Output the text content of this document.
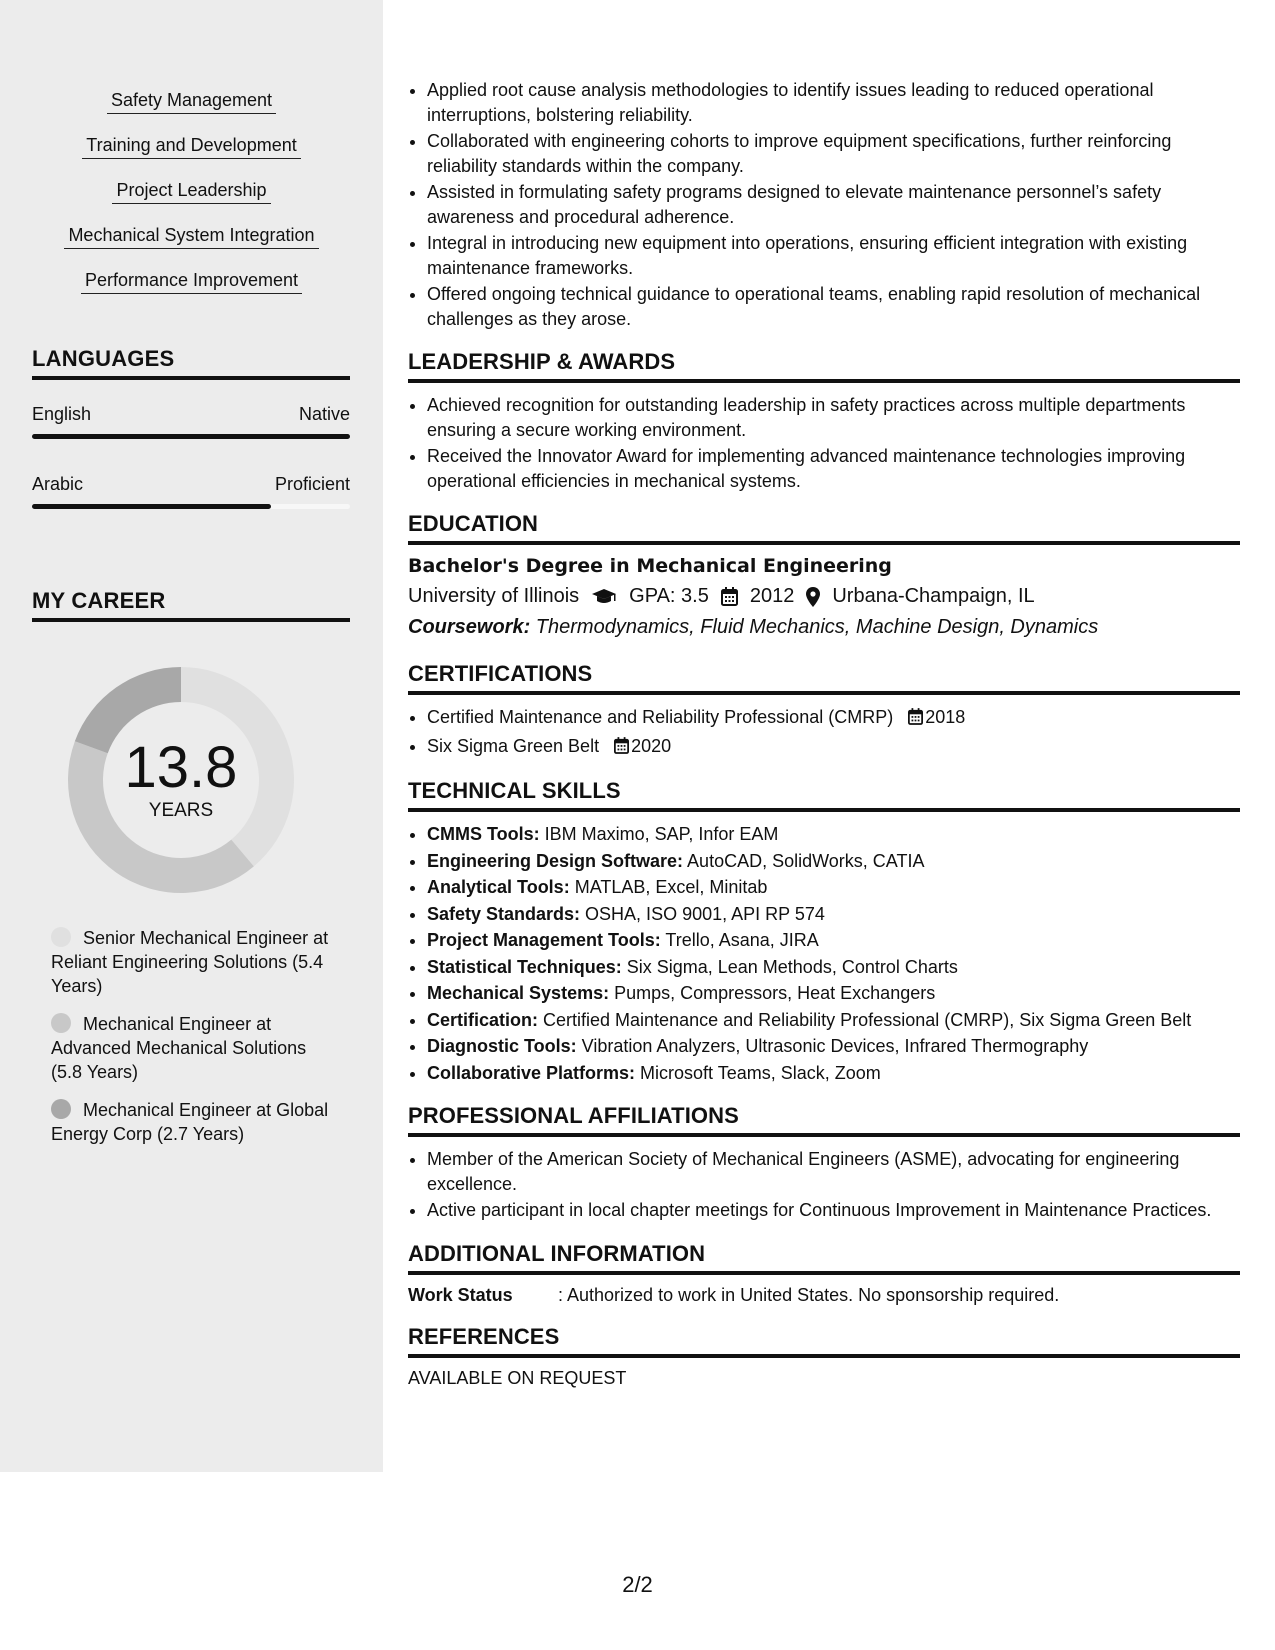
Safety Management
Training and Development
Project Leadership
Mechanical System Integration
Performance Improvement
LANGUAGES
English	Native
Arabic	Proficient
MY CAREER
13.8
YEARS
Senior Mechanical Engineer at Reliant Engineering Solutions (5.4 Years)
Mechanical Engineer at Advanced Mechanical Solutions (5.8 Years)
Mechanical Engineer at Global Energy Corp (2.7 Years)
• Applied root cause analysis methodologies to identify issues leading to reduced operational interruptions, bolstering reliability.
• Collaborated with engineering cohorts to improve equipment specifications, further reinforcing reliability standards within the company.
• Assisted in formulating safety programs designed to elevate maintenance personnel’s safety awareness and procedural adherence.
• Integral in introducing new equipment into operations, ensuring efficient integration with existing maintenance frameworks.
• Offered ongoing technical guidance to operational teams, enabling rapid resolution of mechanical challenges as they arose.
LEADERSHIP & AWARDS
• Achieved recognition for outstanding leadership in safety practices across multiple departments ensuring a secure working environment.
• Received the Innovator Award for implementing advanced maintenance technologies improving operational efficiencies in mechanical systems.
EDUCATION
Bachelor's Degree in Mechanical Engineering
University of Illinois	GPA: 3.5 2012 Urbana-Champaign, IL
Coursework: Thermodynamics, Fluid Mechanics, Machine Design, Dynamics
CERTIFICATIONS
• Certified Maintenance and Reliability Professional (CMRP) 2018
• Six Sigma Green Belt 2020
TECHNICAL SKILLS
• CMMS Tools: IBM Maximo, SAP, Infor EAM
• Engineering Design Software: AutoCAD, SolidWorks, CATIA
• Analytical Tools: MATLAB, Excel, Minitab
• Safety Standards: OSHA, ISO 9001, API RP 574
• Project Management Tools: Trello, Asana, JIRA
• Statistical Techniques: Six Sigma, Lean Methods, Control Charts
• Mechanical Systems: Pumps, Compressors, Heat Exchangers
• Certification: Certified Maintenance and Reliability Professional (CMRP), Six Sigma Green Belt
• Diagnostic Tools: Vibration Analyzers, Ultrasonic Devices, Infrared Thermography
• Collaborative Platforms: Microsoft Teams, Slack, Zoom
PROFESSIONAL AFFILIATIONS
• Member of the American Society of Mechanical Engineers (ASME), advocating for engineering excellence.
• Active participant in local chapter meetings for Continuous Improvement in Maintenance Practices.
ADDITIONAL INFORMATION
Work Status	: Authorized to work in United States. No sponsorship required.
REFERENCES
AVAILABLE ON REQUEST
2/2
